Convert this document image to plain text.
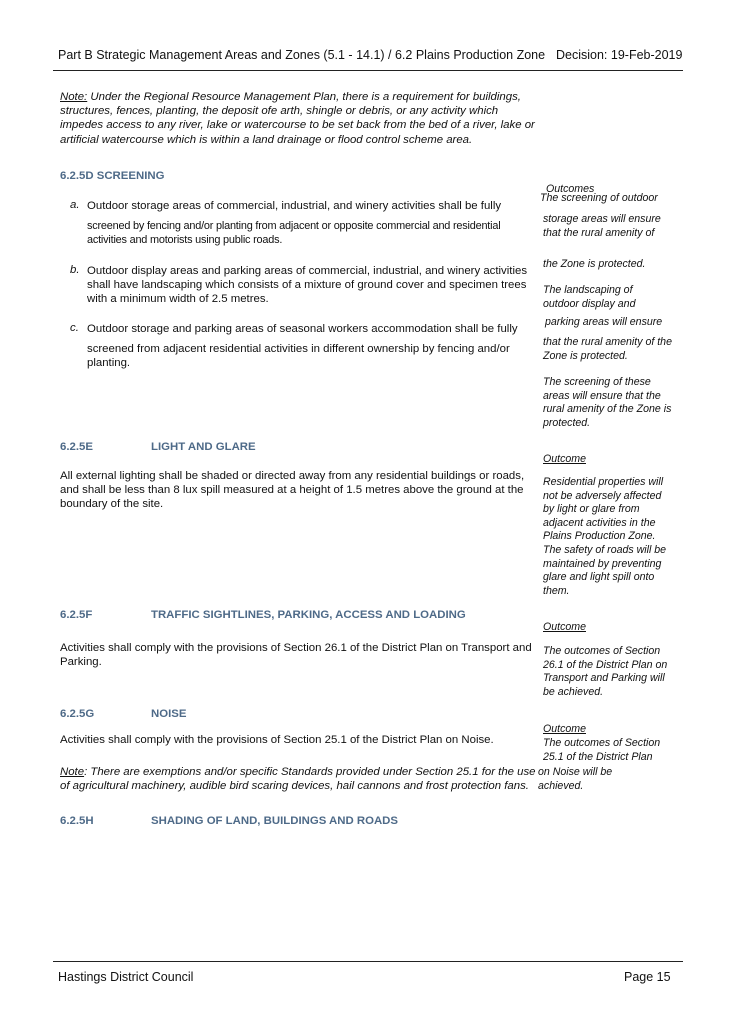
Part B Strategic Management Areas and Zones (5.1 - 14.1) / 6.2 Plains Production Zone Decision: 19-Feb-2019
Note: Under the Regional Resource Management Plan, there is a requirement for buildings, structures, fences, planting, the deposit ofe arth, shingle or debris, or any activity which impedes access to any river, lake or watercourse to be set back from the bed of a river, lake or artificial watercourse which is within a land drainage or flood control scheme area.
6.2.5D SCREENING
a. Outdoor storage areas of commercial, industrial, and winery activities shall be fully
screened by fencing and/or planting from adjacent or opposite commercial and residential activities and motorists using public roads.
b. Outdoor display areas and parking areas of commercial, industrial, and winery activities shall have landscaping which consists of a mixture of ground cover and specimen trees with a minimum width of 2.5 metres.
c. Outdoor storage and parking areas of seasonal workers accommodation shall be fully
screened from adjacent residential activities in different ownership by fencing and/or planting.
Outcomes
The screening of outdoor
storage areas will ensure that the rural amenity of
the Zone is protected.
The landscaping of outdoor display and
parking areas will ensure
that the rural amenity of the Zone is protected.
The screening of these areas will ensure that the rural amenity of the Zone is protected.
6.2.5E	LIGHT AND GLARE
All external lighting shall be shaded or directed away from any residential buildings or roads, and shall be less than 8 lux spill measured at a height of 1.5 metres above the ground at the boundary of the site.
Outcome
Residential properties will not be adversely affected by light or glare from adjacent activities in the Plains Production Zone. The safety of roads will be maintained by preventing glare and light spill onto them.
6.2.5F	TRAFFIC SIGHTLINES, PARKING, ACCESS AND LOADING
Activities shall comply with the provisions of Section 26.1 of the District Plan on Transport and Parking.
Outcome
The outcomes of Section 26.1 of the District Plan on Transport and Parking will be achieved.
6.2.5G	NOISE
Activities shall comply with the provisions of Section 25.1 of the District Plan on Noise.
Note: There are exemptions and/or specific Standards provided under Section 25.1 for the use of agricultural machinery, audible bird scaring devices, hail cannons and frost protection fans.
Outcome
The outcomes of Section 25.1 of the District Plan
on Noise will be achieved.
6.2.5H	SHADING OF LAND, BUILDINGS AND ROADS
Hastings District Council	Page 15
